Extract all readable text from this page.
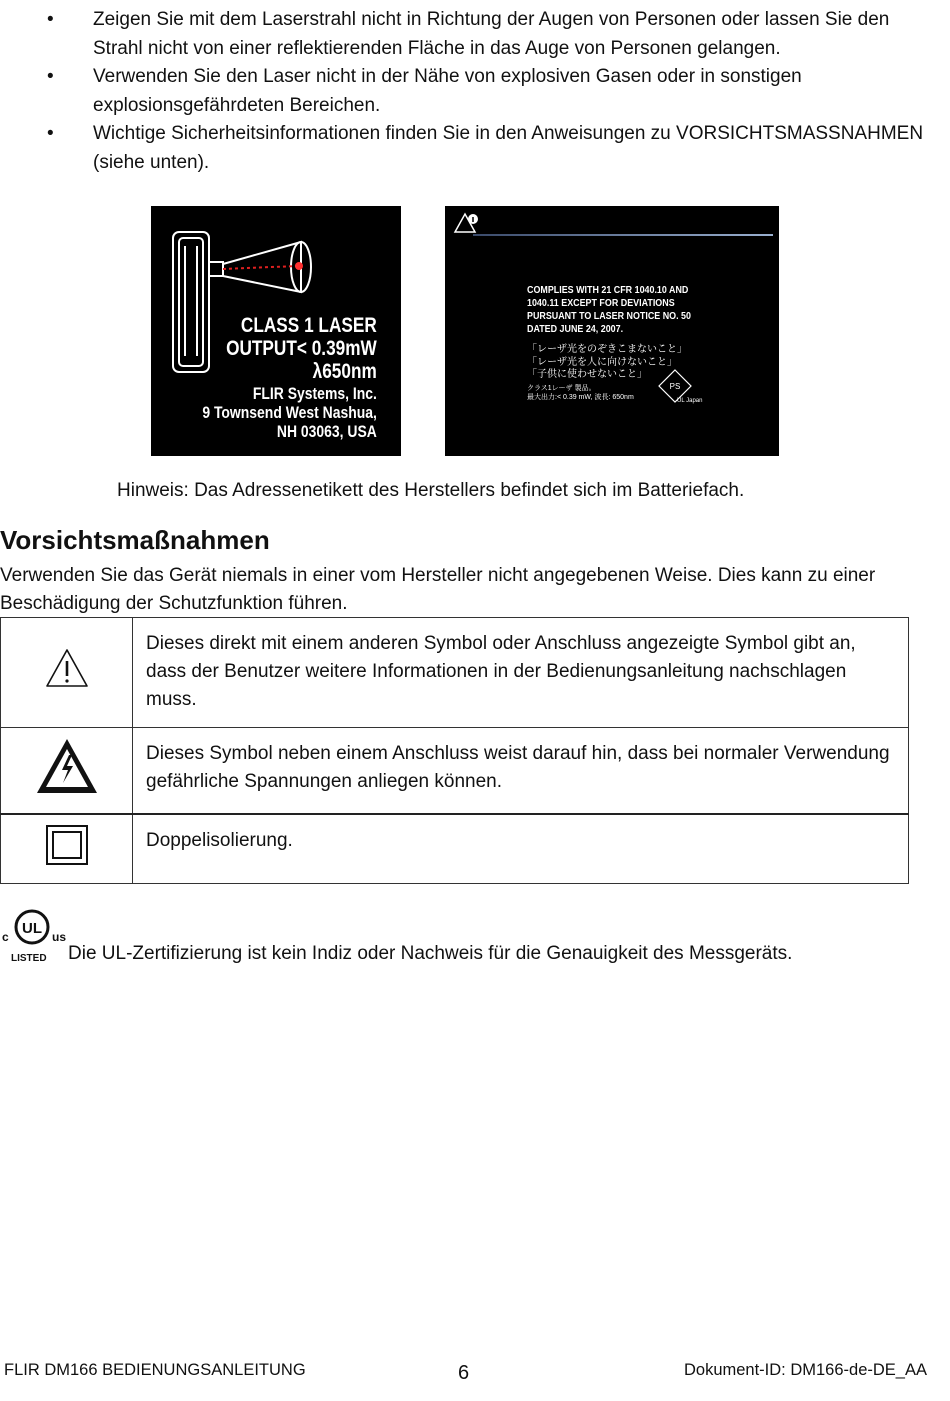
• Zeigen Sie mit dem Laserstrahl nicht in Richtung der Augen von Personen oder lassen Sie den Strahl nicht von einer reflektierenden Fläche in das Auge von Personen gelangen.
• Verwenden Sie den Laser nicht in der Nähe von explosiven Gasen oder in sonstigen explosionsgefährdeten Bereichen.
• Wichtige Sicherheitsinformationen finden Sie in den Anweisungen zu VORSICHTSMASSNAHMEN (siehe unten).
CLASS 1 LASER
OUTPUT< 0.39mW
λ650nm
FLIR Systems, Inc.
9 Townsend West Nashua,
NH 03063, USA
COMPLIES WITH 21 CFR 1040.10 AND
1040.11 EXCEPT FOR DEVIATIONS
PURSUANT TO LASER NOTICE NO. 50
DATED JUNE 24, 2007.
「レーザ光をのぞきこまないこと」
「レーザ光を人に向けないこと」
「子供に使わせないこと」
クラス1レーザ 製品。
最大出力:< 0.39 mW, 波長: 650nm
PS
UL Japan
Hinweis: Das Adressenetikett des Herstellers befindet sich im Batteriefach.
Vorsichtsmaßnahmen
Verwenden Sie das Gerät niemals in einer vom Hersteller nicht angegebenen Weise. Dies kann zu einer Beschädigung der Schutzfunktion führen.
	Dieses direkt mit einem anderen Symbol oder Anschluss angezeigte Symbol gibt an, dass der Benutzer weitere Informationen in der Bedienungsanleitung nachschlagen muss.
	Dieses Symbol neben einem Anschluss weist darauf hin, dass bei normaler Verwendung gefährliche Spannungen anliegen können.
	Doppelisolierung.
c UL us
LISTED Die UL-Zertifizierung ist kein Indiz oder Nachweis für die Genauigkeit des Messgeräts.
FLIR DM166 BEDIENUNGSANLEITUNG	6	Dokument-ID: DM166-de-DE_AA
